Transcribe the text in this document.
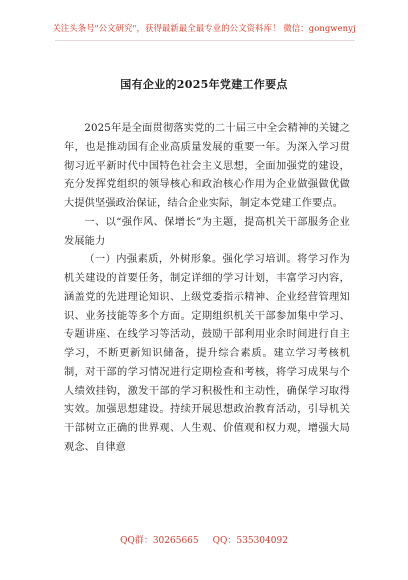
关注头条号"公文研究"，获得最新最全最专业的公文资料库！ 微信：gongwenyj
国有企业的2025年党建工作要点

2025年是全面贯彻落实党的二十届三中全会精神的关键之年，也是推动国有企业高质量发展的重要一年。为深入学习贯彻习近平新时代中国特色社会主义思想，全面加强党的建设，充分发挥党组织的领导核心和政治核心作用为企业做强做优做大提供坚强政治保证，结合企业实际，制定本党建工作要点。

一、以“强作风、保增长”为主题，提高机关干部服务企业发展能力

（一）内强素质，外树形象。强化学习培训。将学习作为机关建设的首要任务，制定详细的学习计划，丰富学习内容，涵盖党的先进理论知识、上级党委指示精神、企业经营管理知识、业务技能等多个方面。定期组织机关干部参加集中学习、专题讲座、在线学习等活动，鼓励干部利用业余时间进行自主学习，不断更新知识储备，提升综合素质。建立学习考核机制，对干部的学习情况进行定期检查和考核，将学习成果与个人绩效挂钩，激发干部的学习积极性和主动性，确保学习取得实效。加强思想建设。持续开展思想政治教育活动，引导机关干部树立正确的世界观、人生观、价值观和权力观，增强大局观念、自律意

QQ群：30265665 QQ：535304092
